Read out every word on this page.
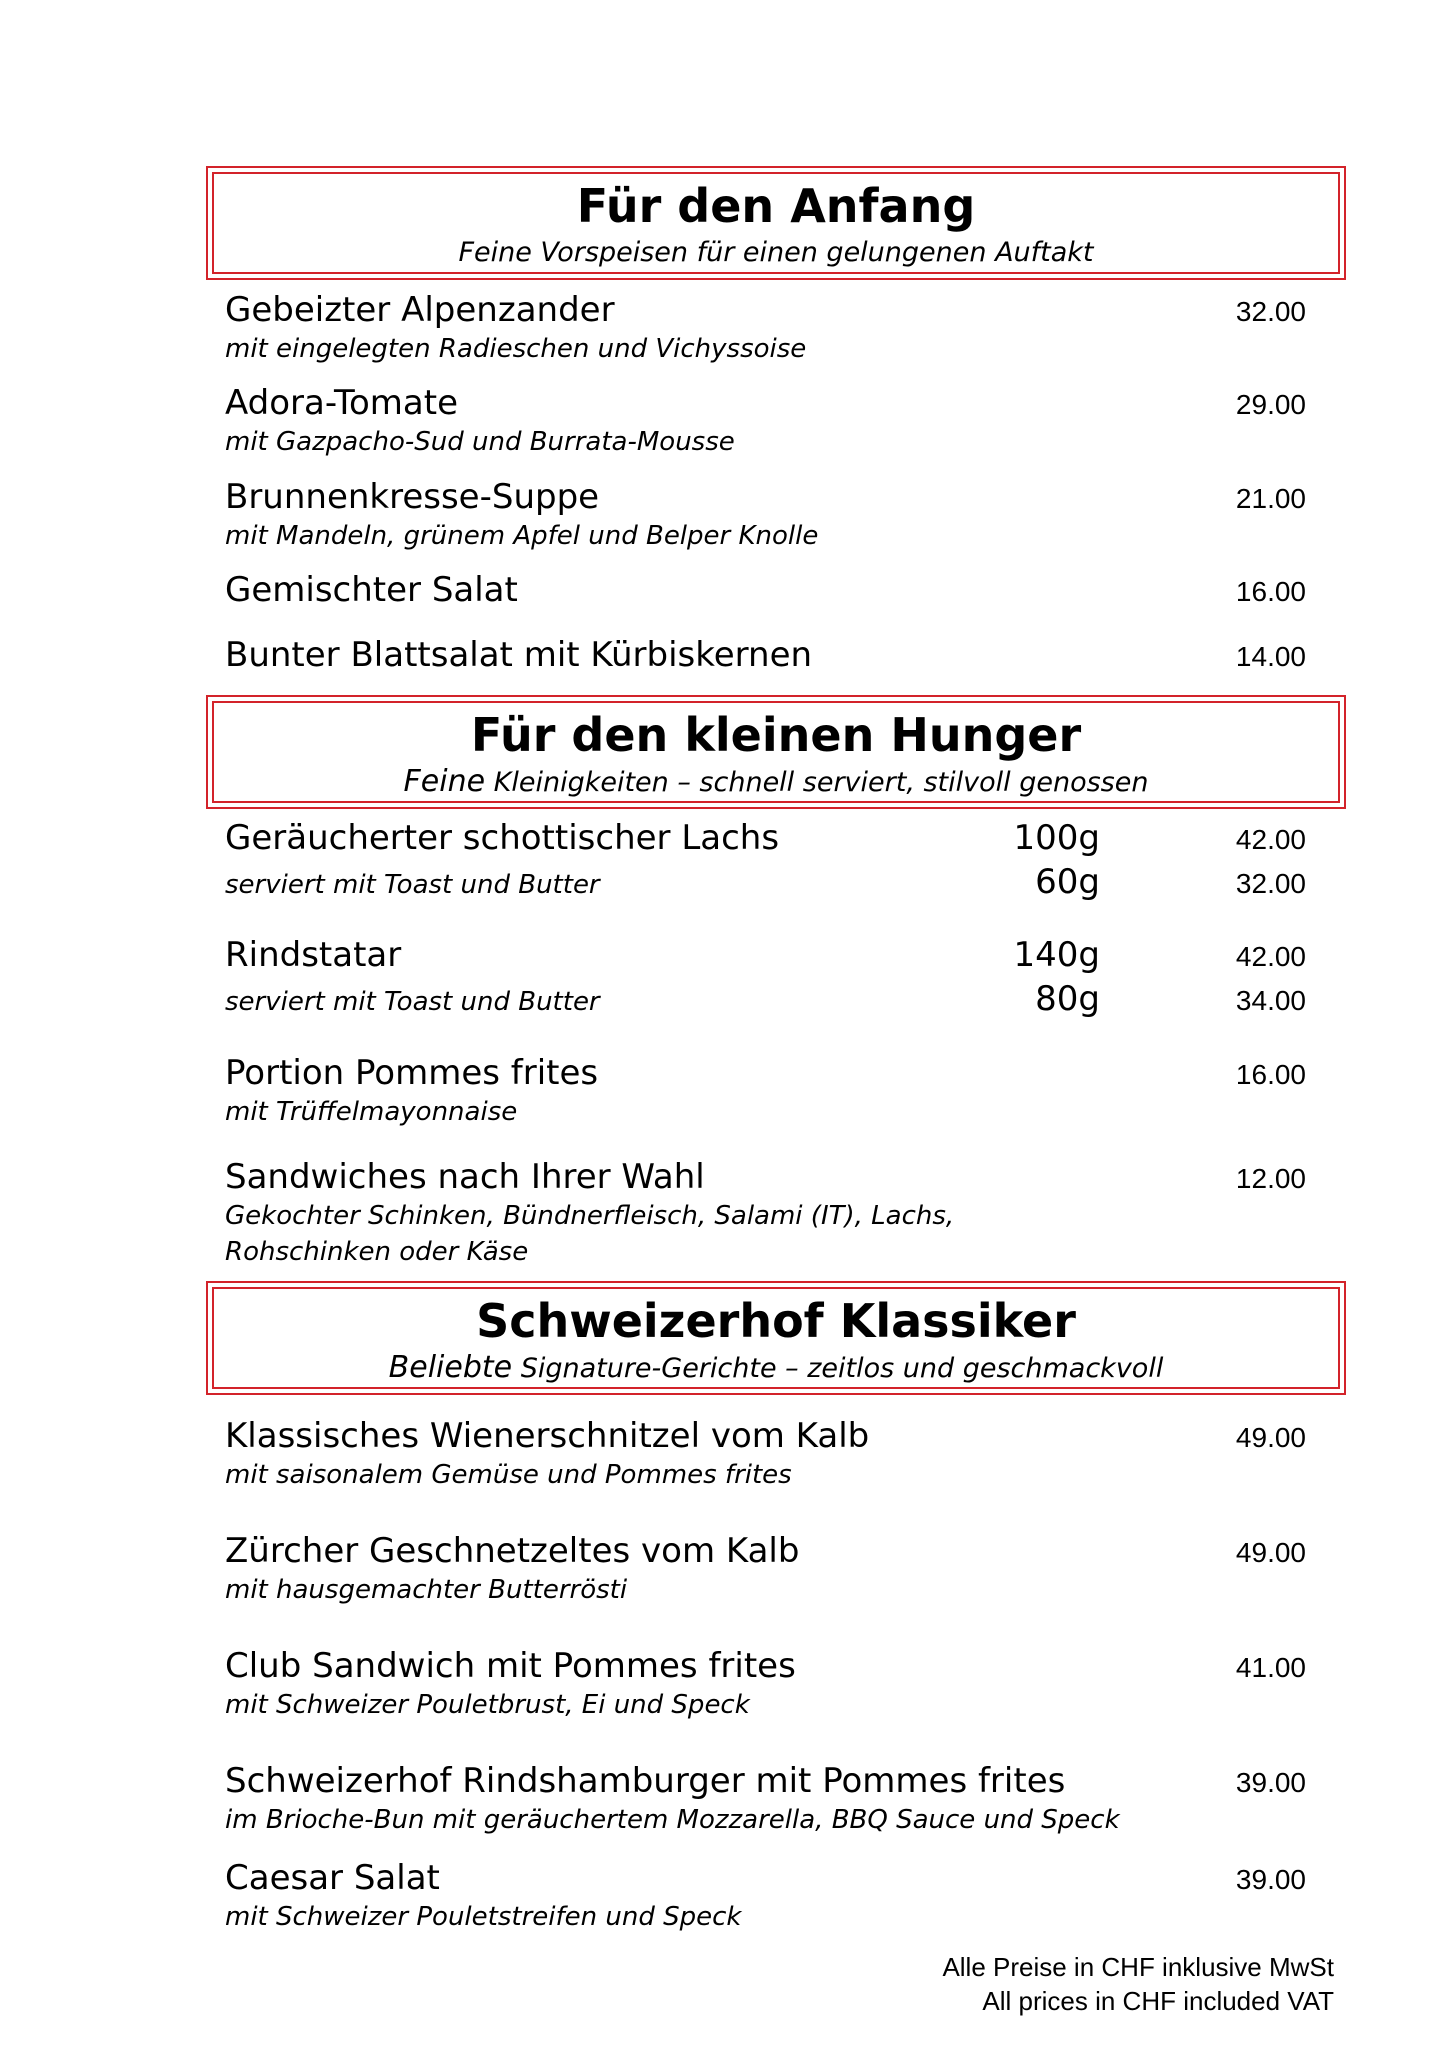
Für den Anfang
Feine Vorspeisen für einen gelungenen Auftakt
Gebeizter Alpenzander	32.00
mit eingelegten Radieschen und Vichyssoise
Adora-Tomate	29.00
mit Gazpacho-Sud und Burrata-Mousse
Brunnenkresse-Suppe	21.00
mit Mandeln, grünem Apfel und Belper Knolle
Gemischter Salat	16.00
Bunter Blattsalat mit Kürbiskernen	14.00
Für den kleinen Hunger
Feine Kleinigkeiten – schnell serviert, stilvoll genossen
Geräucherter schottischer Lachs	100g	42.00
serviert mit Toast und Butter	60g	32.00
Rindstatar	140g	42.00
serviert mit Toast und Butter	80g	34.00
Portion Pommes frites	16.00
mit Trüffelmayonnaise
Sandwiches nach Ihrer Wahl	12.00
Gekochter Schinken, Bündnerfleisch, Salami (IT), Lachs,
Rohschinken oder Käse
Schweizerhof Klassiker
Beliebte Signature-Gerichte – zeitlos und geschmackvoll
Klassisches Wienerschnitzel vom Kalb	49.00
mit saisonalem Gemüse und Pommes frites
Zürcher Geschnetzeltes vom Kalb	49.00
mit hausgemachter Butterrösti
Club Sandwich mit Pommes frites	41.00
mit Schweizer Pouletbrust, Ei und Speck
Schweizerhof Rindshamburger mit Pommes frites	39.00
im Brioche-Bun mit geräuchertem Mozzarella, BBQ Sauce und Speck
Caesar Salat	39.00
mit Schweizer Pouletstreifen und Speck
Alle Preise in CHF inklusive MwSt
All prices in CHF included VAT
